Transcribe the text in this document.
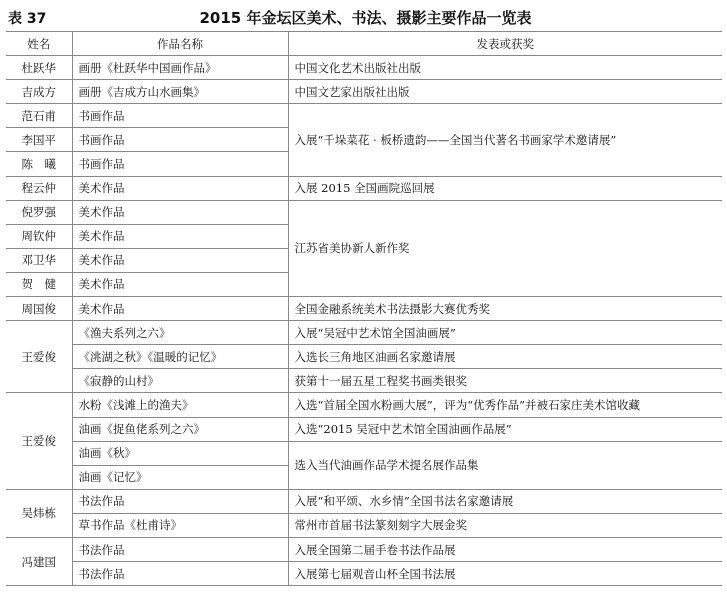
表 37	2015 年金坛区美术、书法、摄影主要作品一览表
姓名	作品名称	发表或获奖
杜跃华	画册《杜跃华中国画作品》	中国文化艺术出版社出版
吉成方	画册《吉成方山水画集》	中国文艺家出版社出版
范石甫	书画作品	入展“千垛菜花 · 板桥遗韵——全国当代著名书画家学术邀请展”
李国平	书画作品	
陈　曦	书画作品	
程云仲	美术作品	入展 2015 全国画院巡回展
倪罗强	美术作品	江苏省美协新人新作奖
周钦仲	美术作品	
邓卫华	美术作品	
贺　健	美术作品	
周国俊	美术作品	全国金融系统美术书法摄影大赛优秀奖
王爱俊	《渔夫系列之六》	入展“吴冠中艺术馆全国油画展”
	《洮湖之秋》《温暖的记忆》	入选长三角地区油画名家邀请展
	《寂静的山村》	获第十一届五星工程奖书画类银奖
王爱俊	水粉《浅滩上的渔夫》	入选“首届全国水粉画大展”，评为“优秀作品”并被石家庄美术馆收藏
	油画《捉鱼佬系列之六》	入选“2015 吴冠中艺术馆全国油画作品展”
	油画《秋》	选入当代油画作品学术提名展作品集
	油画《记忆》	
吴炜栋	书法作品	入展“和平颂、水乡情”全国书法名家邀请展
	草书作品《杜甫诗》	常州市首届书法篆刻刻字大展金奖
冯建国	书法作品	入展全国第二届手卷书法作品展
	书法作品	入展第七届观音山杯全国书法展
